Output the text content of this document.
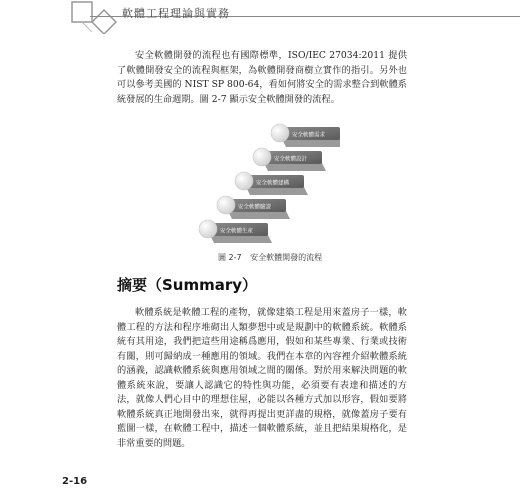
軟體工程理論與實務

安全軟體開發的流程也有國際標準，ISO/IEC 27034:2011 提供了軟體開發安全的流程與框架，為軟體開發商樹立實作的指引。另外也可以參考美國的 NIST SP 800-64，看如何將安全的需求整合到軟體系統發展的生命週期。圖 2-7 顯示安全軟體開發的流程。

安全軟體生產
安全軟體驗證
安全軟體建構
安全軟體設計
安全軟體需求
圖 2-7 安全軟體開發的流程
摘要（Summary）

軟體系統是軟體工程的產物，就像建築工程是用來蓋房子一樣，軟體工程的方法和程序堆砌出人類夢想中或是規劃中的軟體系統。軟體系統有其用途，我們把這些用途稱爲應用，假如和某些專業、行業或技術有關，則可歸納成一種應用的領域。我們在本章的內容裡介紹軟體系統的涵義，認識軟體系統與應用領域之間的關係。對於用來解決問題的軟體系統來說，要讓人認識它的特性與功能，必須要有表達和描述的方法，就像人們心目中的理想住屋，必能以各種方式加以形容，假如要將軟體系統真正地開發出來，就得再提出更詳盡的規格，就像蓋房子要有藍圖一樣，在軟體工程中，描述一個軟體系統，並且把結果規格化，是非常重要的問題。

2-16
